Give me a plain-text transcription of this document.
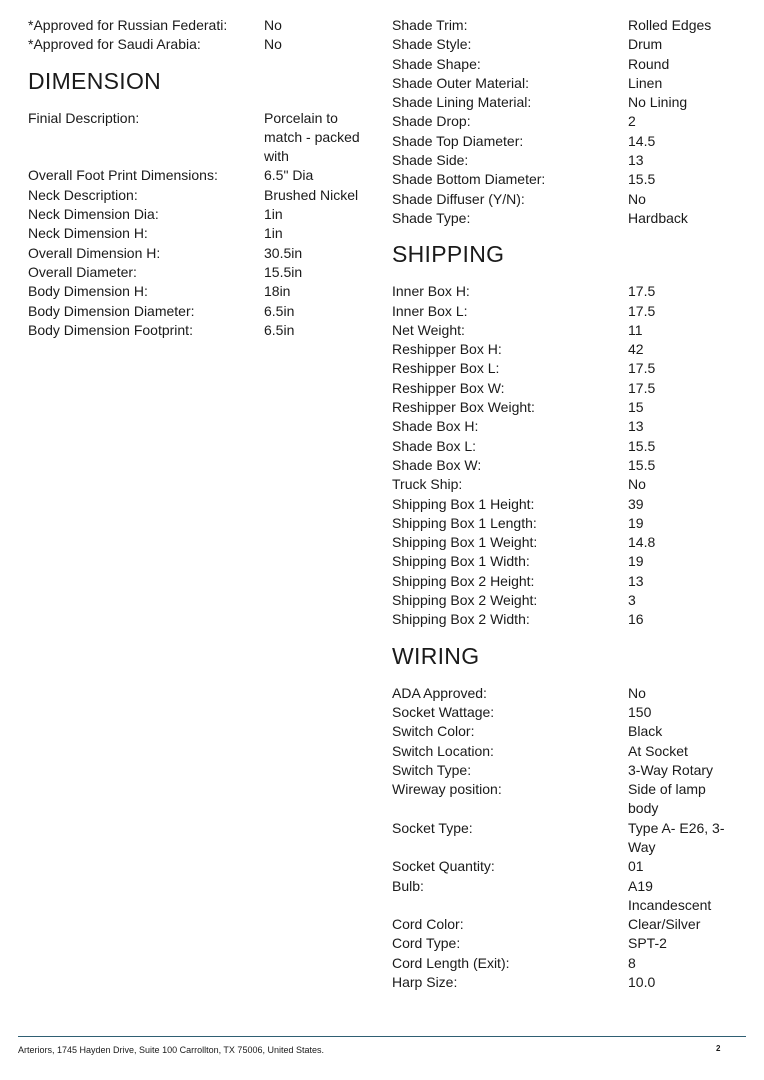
*Approved for Russian Federati:	No
*Approved for Saudi Arabia:	No
DIMENSION
Finial Description:	Porcelain to match - packed with
Overall Foot Print Dimensions:	6.5" Dia
Neck Description:	Brushed Nickel
Neck Dimension Dia:	1in
Neck Dimension H:	1in
Overall Dimension H:	30.5in
Overall Diameter:	15.5in
Body Dimension H:	18in
Body Dimension Diameter:	6.5in
Body Dimension Footprint:	6.5in
Shade Trim:	Rolled Edges
Shade Style:	Drum
Shade Shape:	Round
Shade Outer Material:	Linen
Shade Lining Material:	No Lining
Shade Drop:	2
Shade Top Diameter:	14.5
Shade Side:	13
Shade Bottom Diameter:	15.5
Shade Diffuser (Y/N):	No
Shade Type:	Hardback
SHIPPING
Inner Box H:	17.5
Inner Box L:	17.5
Net Weight:	11
Reshipper Box H:	42
Reshipper Box L:	17.5
Reshipper Box W:	17.5
Reshipper Box Weight:	15
Shade Box H:	13
Shade Box L:	15.5
Shade Box W:	15.5
Truck Ship:	No
Shipping Box 1 Height:	39
Shipping Box 1 Length:	19
Shipping Box 1 Weight:	14.8
Shipping Box 1 Width:	19
Shipping Box 2 Height:	13
Shipping Box 2 Weight:	3
Shipping Box 2 Width:	16
WIRING
ADA Approved:	No
Socket Wattage:	150
Switch Color:	Black
Switch Location:	At Socket
Switch Type:	3-Way Rotary
Wireway position:	Side of lamp body
Socket Type:	Type A- E26, 3-Way
Socket Quantity:	01
Bulb:	A19 Incandescent
Cord Color:	Clear/Silver
Cord Type:	SPT-2
Cord Length (Exit):	8
Harp Size:	10.0
Arteriors, 1745 Hayden Drive, Suite 100 Carrollton, TX 75006, United States.	2
